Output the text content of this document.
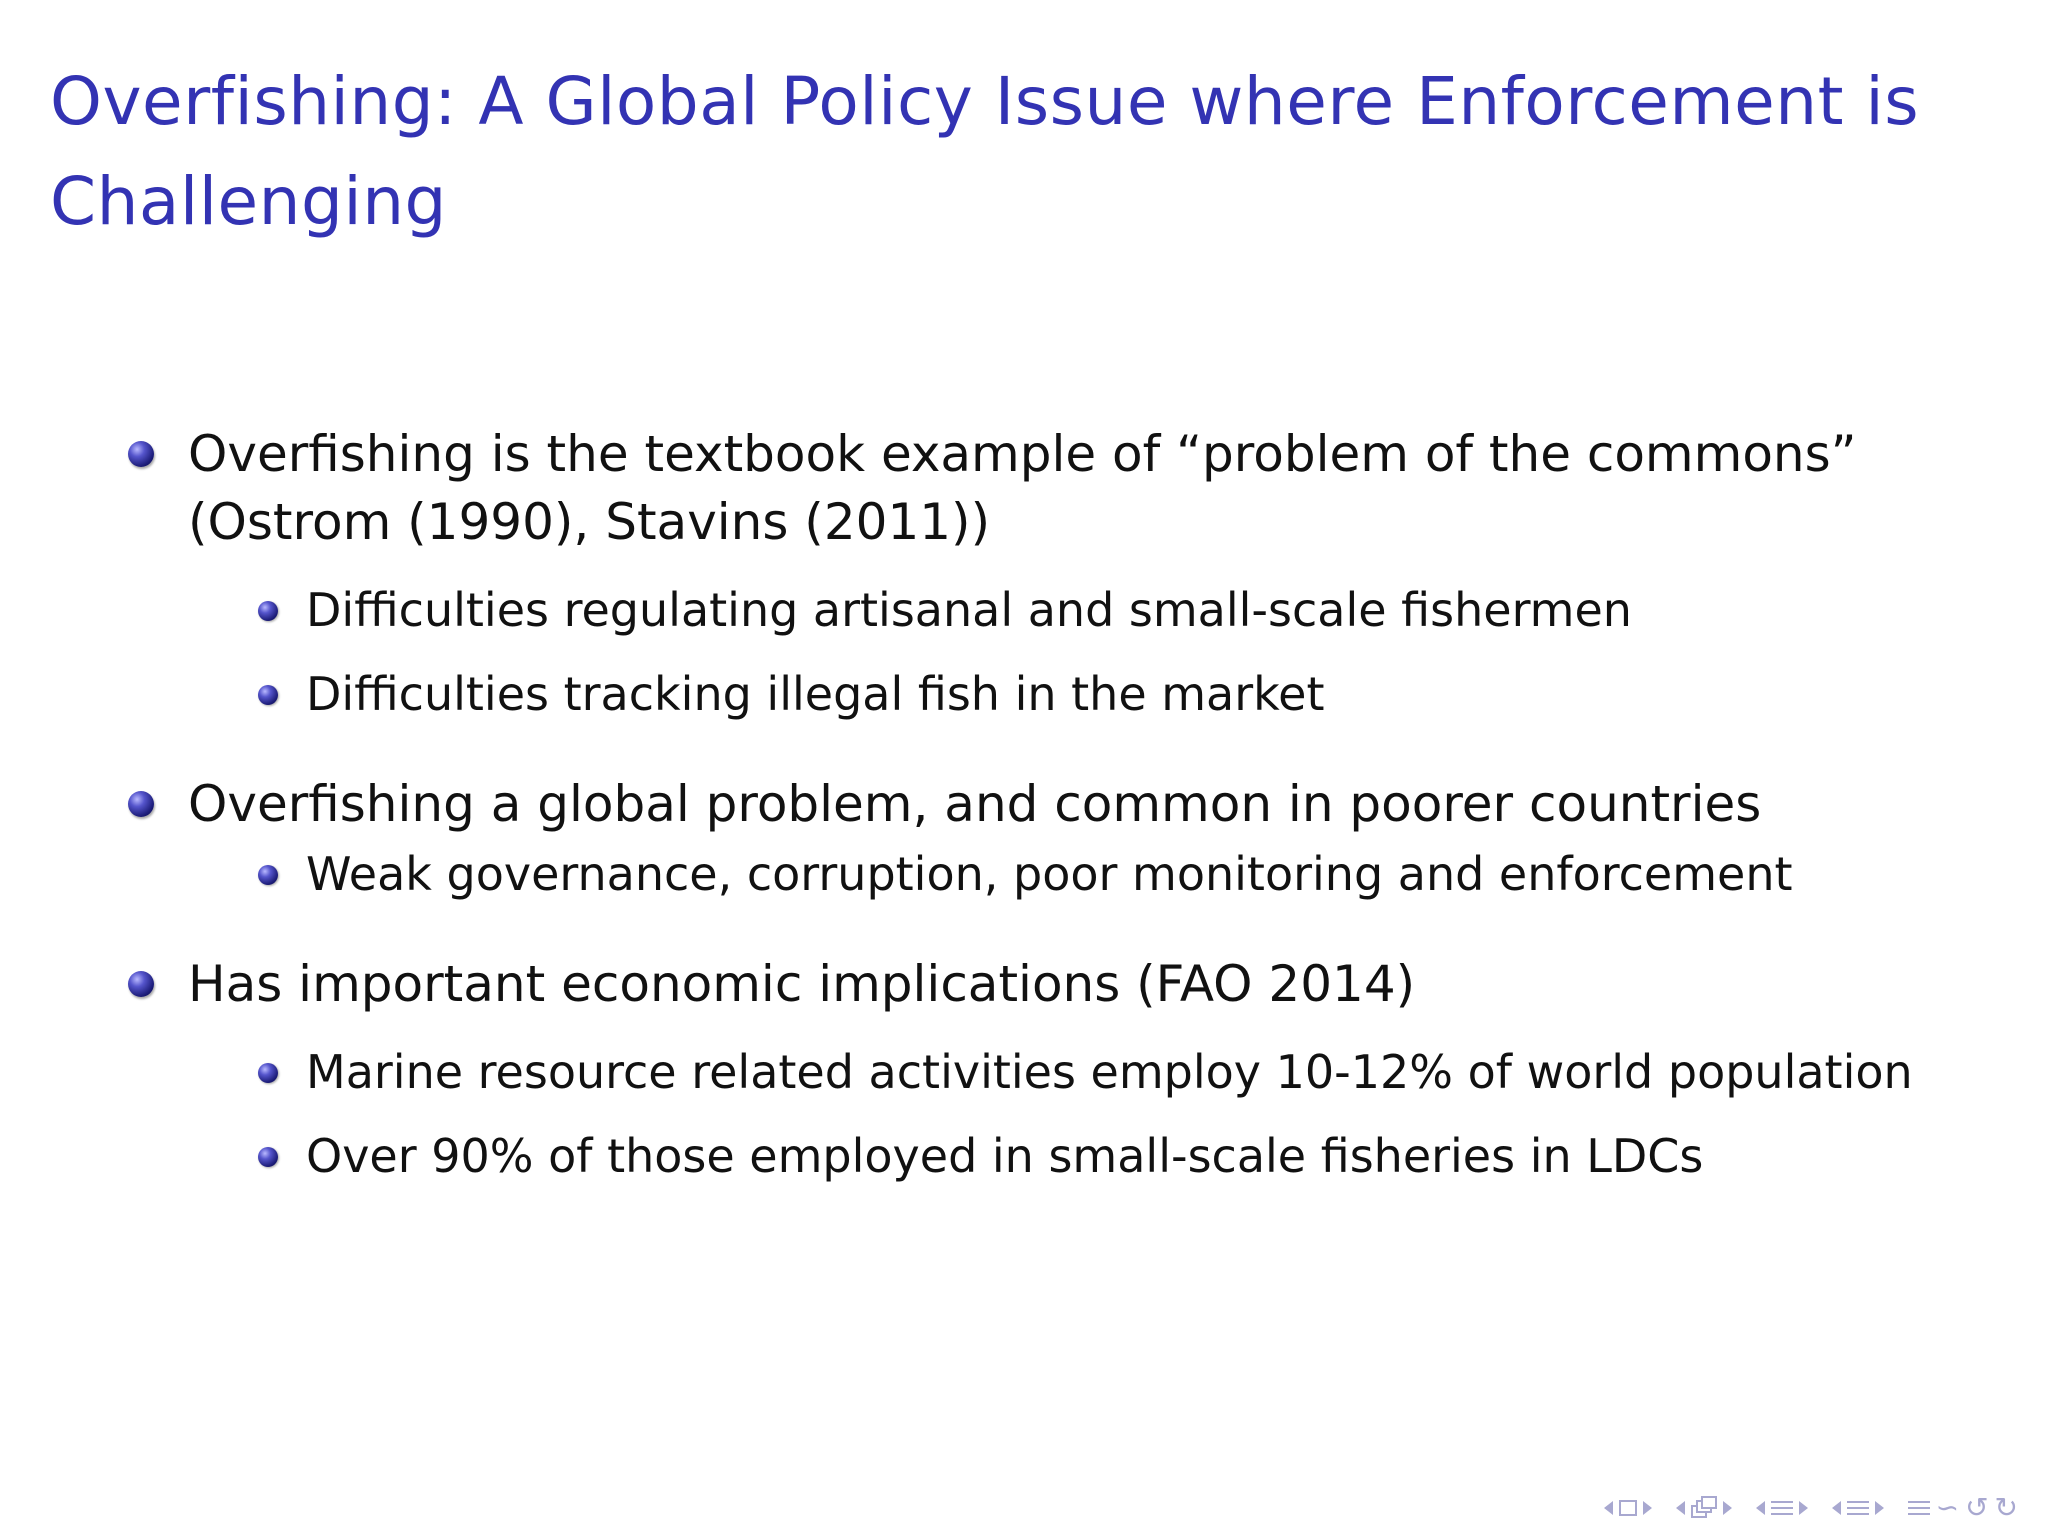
Overfishing: A Global Policy Issue where Enforcement is Challenging
Overfishing is the textbook example of “problem of the commons” (Ostrom (1990), Stavins (2011))
Difficulties regulating artisanal and small-scale fishermen
Difficulties tracking illegal fish in the market
Overfishing a global problem, and common in poorer countries
Weak governance, corruption, poor monitoring and enforcement
Has important economic implications (FAO 2014)
Marine resource related activities employ 10-12% of world population
Over 90% of those employed in small-scale fisheries in LDCs
∽ ↺ ↻
